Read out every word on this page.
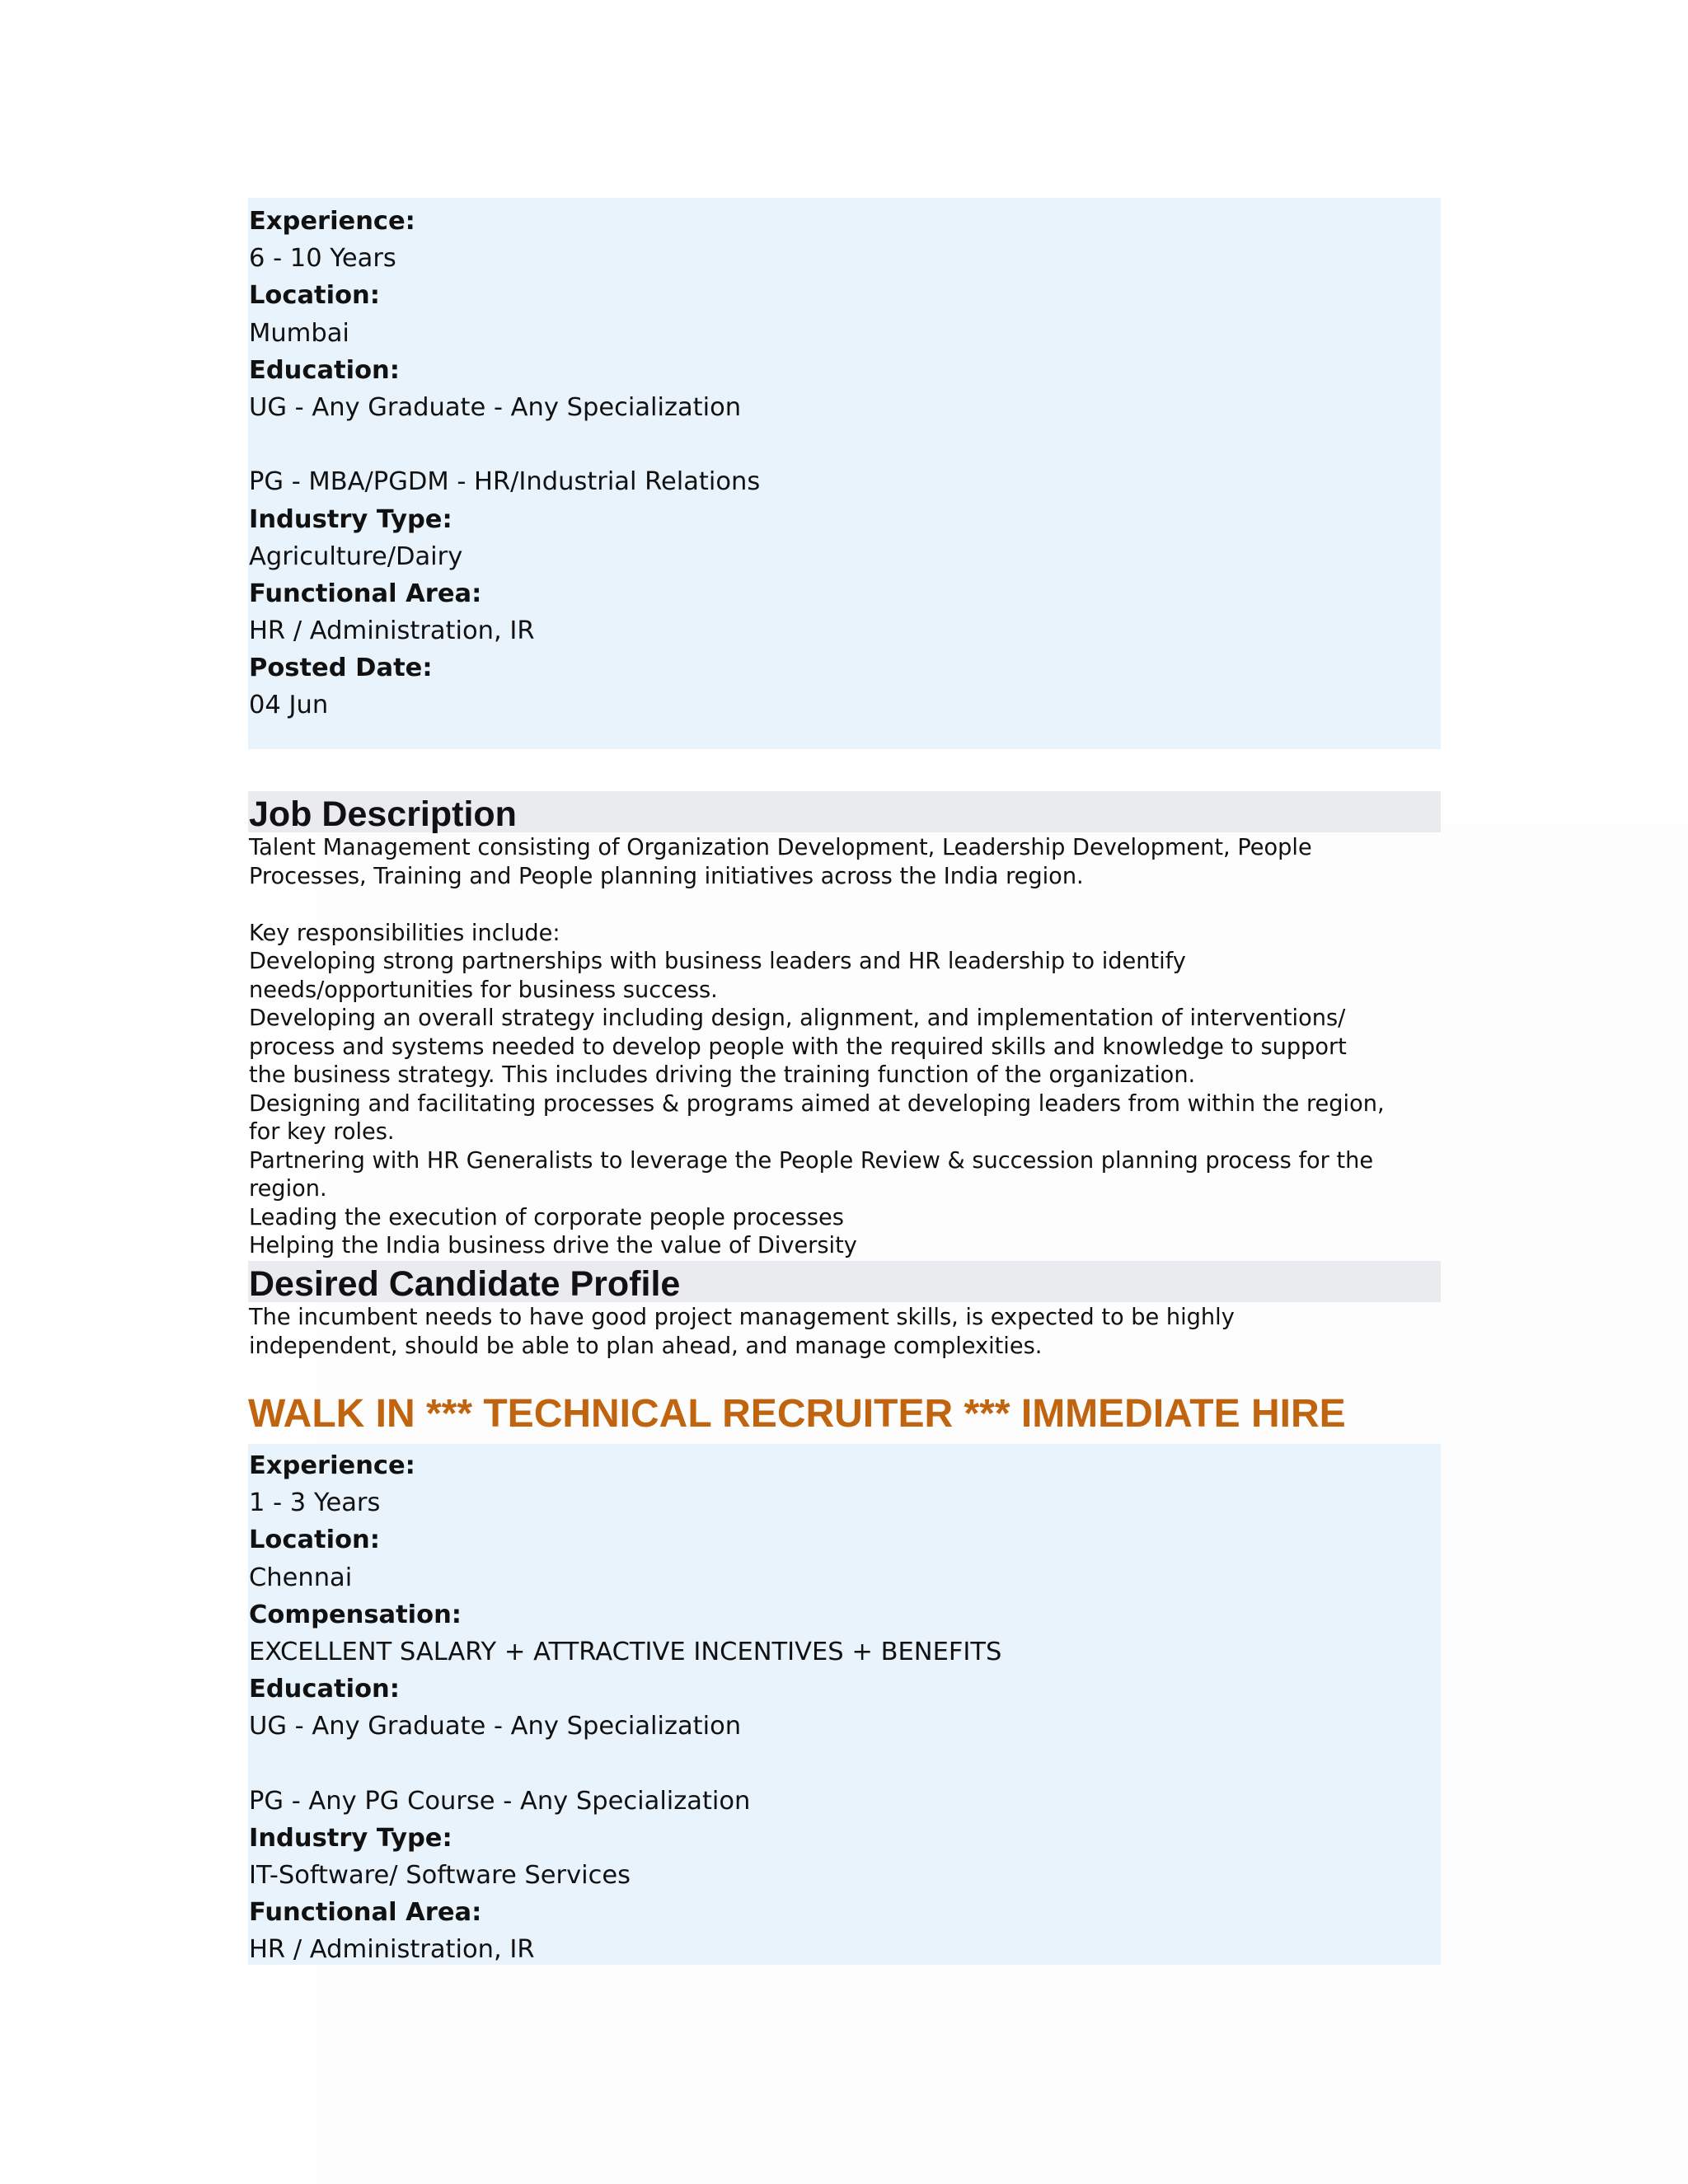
Experience:
6 - 10 Years
Location:
Mumbai
Education:
UG - Any Graduate - Any Specialization
PG - MBA/PGDM - HR/Industrial Relations
Industry Type:
Agriculture/Dairy
Functional Area:
HR / Administration, IR
Posted Date:
04 Jun
Job Description
Talent Management consisting of Organization Development, Leadership Development, People
Processes, Training and People planning initiatives across the India region.
Key responsibilities include:
Developing strong partnerships with business leaders and HR leadership to identify
needs/opportunities for business success.
Developing an overall strategy including design, alignment, and implementation of interventions/
process and systems needed to develop people with the required skills and knowledge to support
the business strategy. This includes driving the training function of the organization.
Designing and facilitating processes & programs aimed at developing leaders from within the region,
for key roles.
Partnering with HR Generalists to leverage the People Review & succession planning process for the
region.
Leading the execution of corporate people processes
Helping the India business drive the value of Diversity
Desired Candidate Profile
The incumbent needs to have good project management skills, is expected to be highly
independent, should be able to plan ahead, and manage complexities.
WALK IN *** TECHNICAL RECRUITER *** IMMEDIATE HIRE
Experience:
1 - 3 Years
Location:
Chennai
Compensation:
EXCELLENT SALARY + ATTRACTIVE INCENTIVES + BENEFITS
Education:
UG - Any Graduate - Any Specialization
PG - Any PG Course - Any Specialization
Industry Type:
IT-Software/ Software Services
Functional Area:
HR / Administration, IR
